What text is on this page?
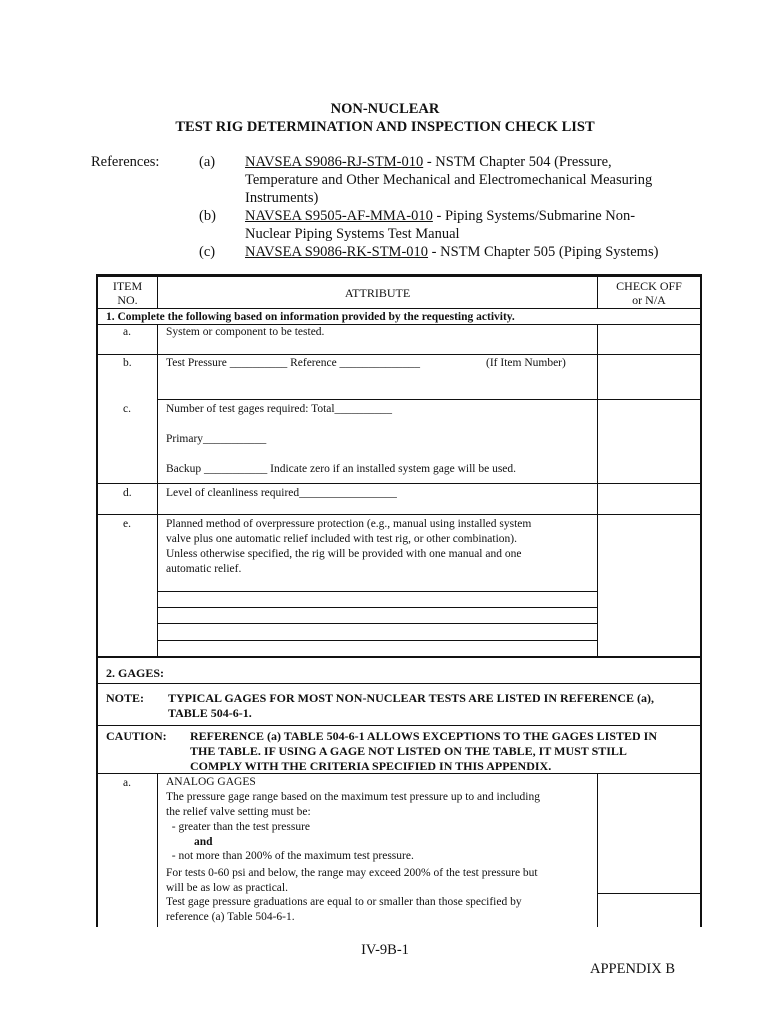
NON-NUCLEAR
TEST RIG DETERMINATION AND INSPECTION CHECK LIST
References:	(a) NAVSEA S9086-RJ-STM-010 - NSTM Chapter 504 (Pressure,
Temperature and Other Mechanical and Electromechanical Measuring
Instruments)
(b) NAVSEA S9505-AF-MMA-010 - Piping Systems/Submarine Non-
Nuclear Piping Systems Test Manual
(c) NAVSEA S9086-RK-STM-010 - NSTM Chapter 505 (Piping Systems)
ITEM
NO.	ATTRIBUTE	CHECK OFF
or N/A
1. Complete the following based on information provided by the requesting activity.
a.	System or component to be tested.
b.	Test Pressure __________ Reference ______________	(If Item Number)
c.	Number of test gages required: Total__________
Primary___________
Backup ___________ Indicate zero if an installed system gage will be used.
d.	Level of cleanliness required_________________
e.	Planned method of overpressure protection (e.g., manual using installed system
valve plus one automatic relief included with test rig, or other combination).
Unless otherwise specified, the rig will be provided with one manual and one
automatic relief.
2. GAGES:
NOTE: TYPICAL GAGES FOR MOST NON-NUCLEAR TESTS ARE LISTED IN REFERENCE (a),
TABLE 504-6-1.
CAUTION: REFERENCE (a) TABLE 504-6-1 ALLOWS EXCEPTIONS TO THE GAGES LISTED IN
THE TABLE. IF USING A GAGE NOT LISTED ON THE TABLE, IT MUST STILL
COMPLY WITH THE CRITERIA SPECIFIED IN THIS APPENDIX.
a.	ANALOG GAGES
The pressure gage range based on the maximum test pressure up to and including
the relief valve setting must be:
- greater than the test pressure
and
- not more than 200% of the maximum test pressure.
For tests 0-60 psi and below, the range may exceed 200% of the test pressure but
will be as low as practical.
Test gage pressure graduations are equal to or smaller than those specified by
reference (a) Table 504-6-1.
IV-9B-1
APPENDIX B
